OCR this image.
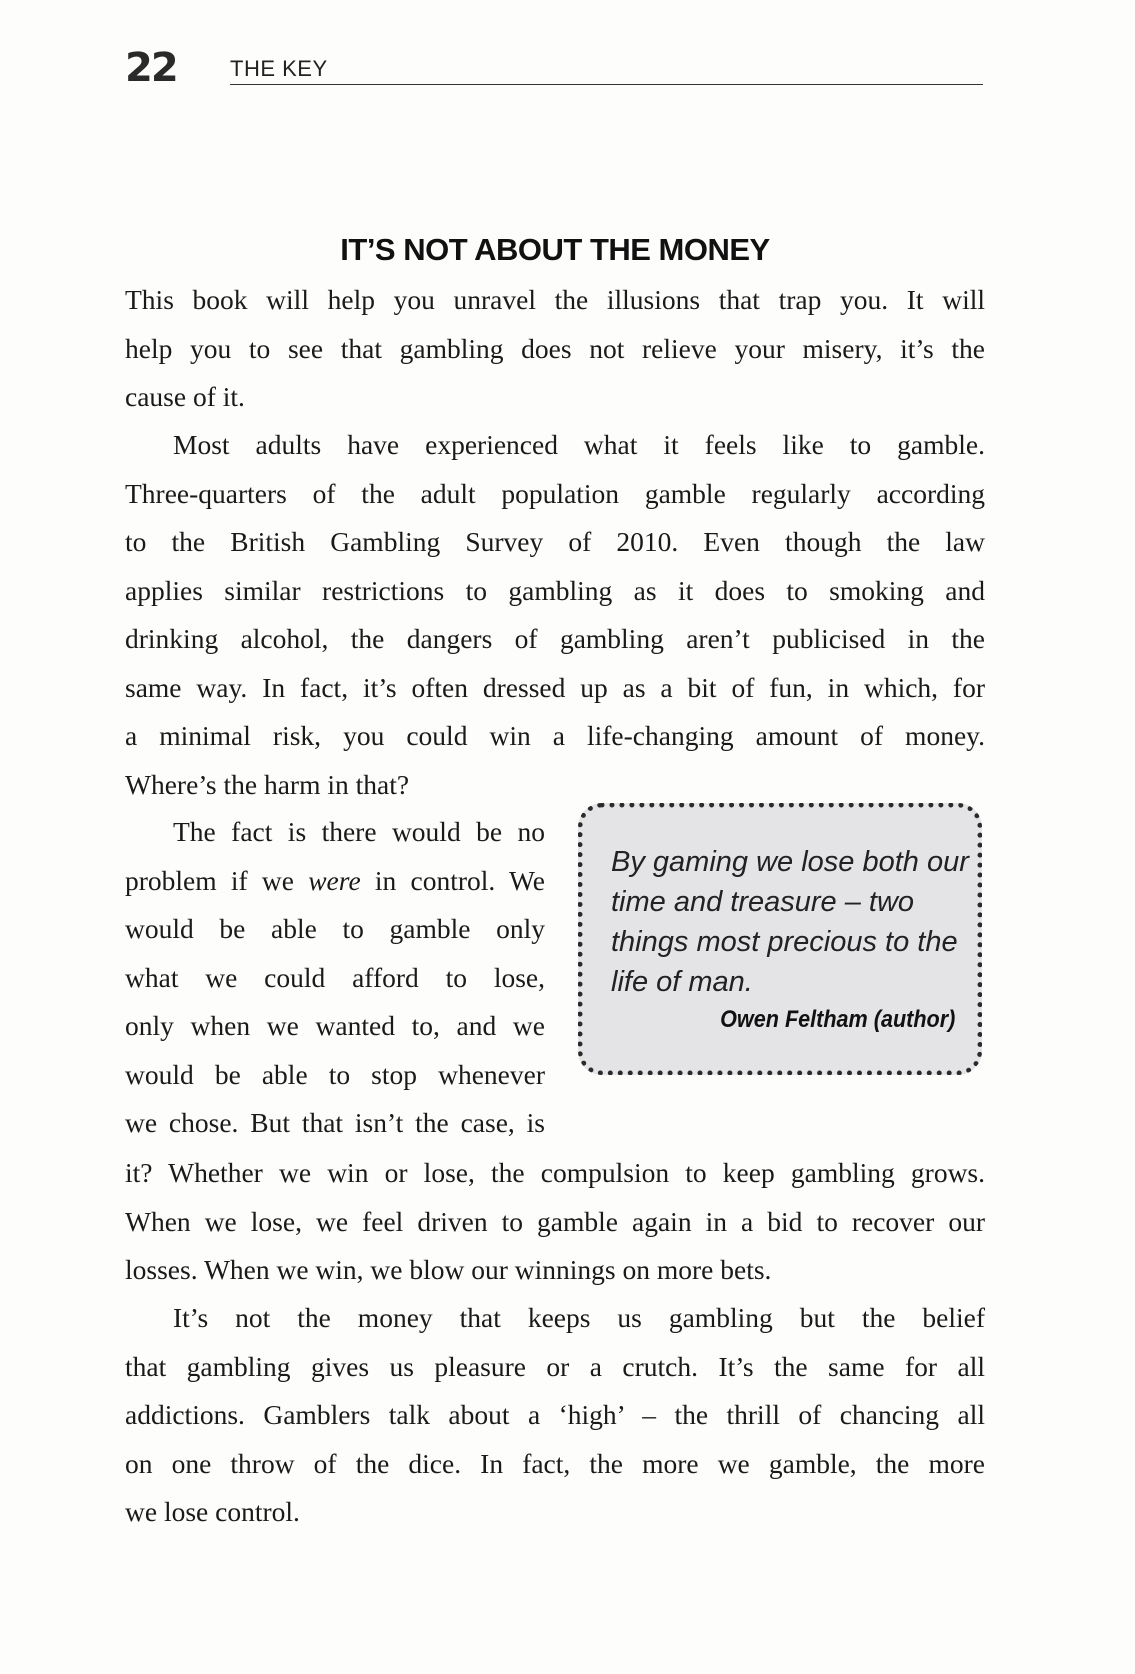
22 THE KEY
IT’S NOT ABOUT THE MONEY
This book will help you unravel the illusions that trap you. It will
help you to see that gambling does not relieve your misery, it’s the
cause of it.
Most adults have experienced what it feels like to gamble.
Three-quarters of the adult population gamble regularly according
to the British Gambling Survey of 2010. Even though the law
applies similar restrictions to gambling as it does to smoking and
drinking alcohol, the dangers of gambling aren’t publicised in the
same way. In fact, it’s often dressed up as a bit of fun, in which, for
a minimal risk, you could win a life-changing amount of money.
Where’s the harm in that?
The fact is there would be no
problem if we were in control. We
would be able to gamble only
what we could afford to lose,
only when we wanted to, and we
would be able to stop whenever
we chose. But that isn’t the case, is
By gaming we lose both our time and treasure – two things most precious to the life of man.
Owen Feltham (author)
it? Whether we win or lose, the compulsion to keep gambling grows.
When we lose, we feel driven to gamble again in a bid to recover our
losses. When we win, we blow our winnings on more bets.
It’s not the money that keeps us gambling but the belief
that gambling gives us pleasure or a crutch. It’s the same for all
addictions. Gamblers talk about a ‘high’ – the thrill of chancing all
on one throw of the dice. In fact, the more we gamble, the more
we lose control.
